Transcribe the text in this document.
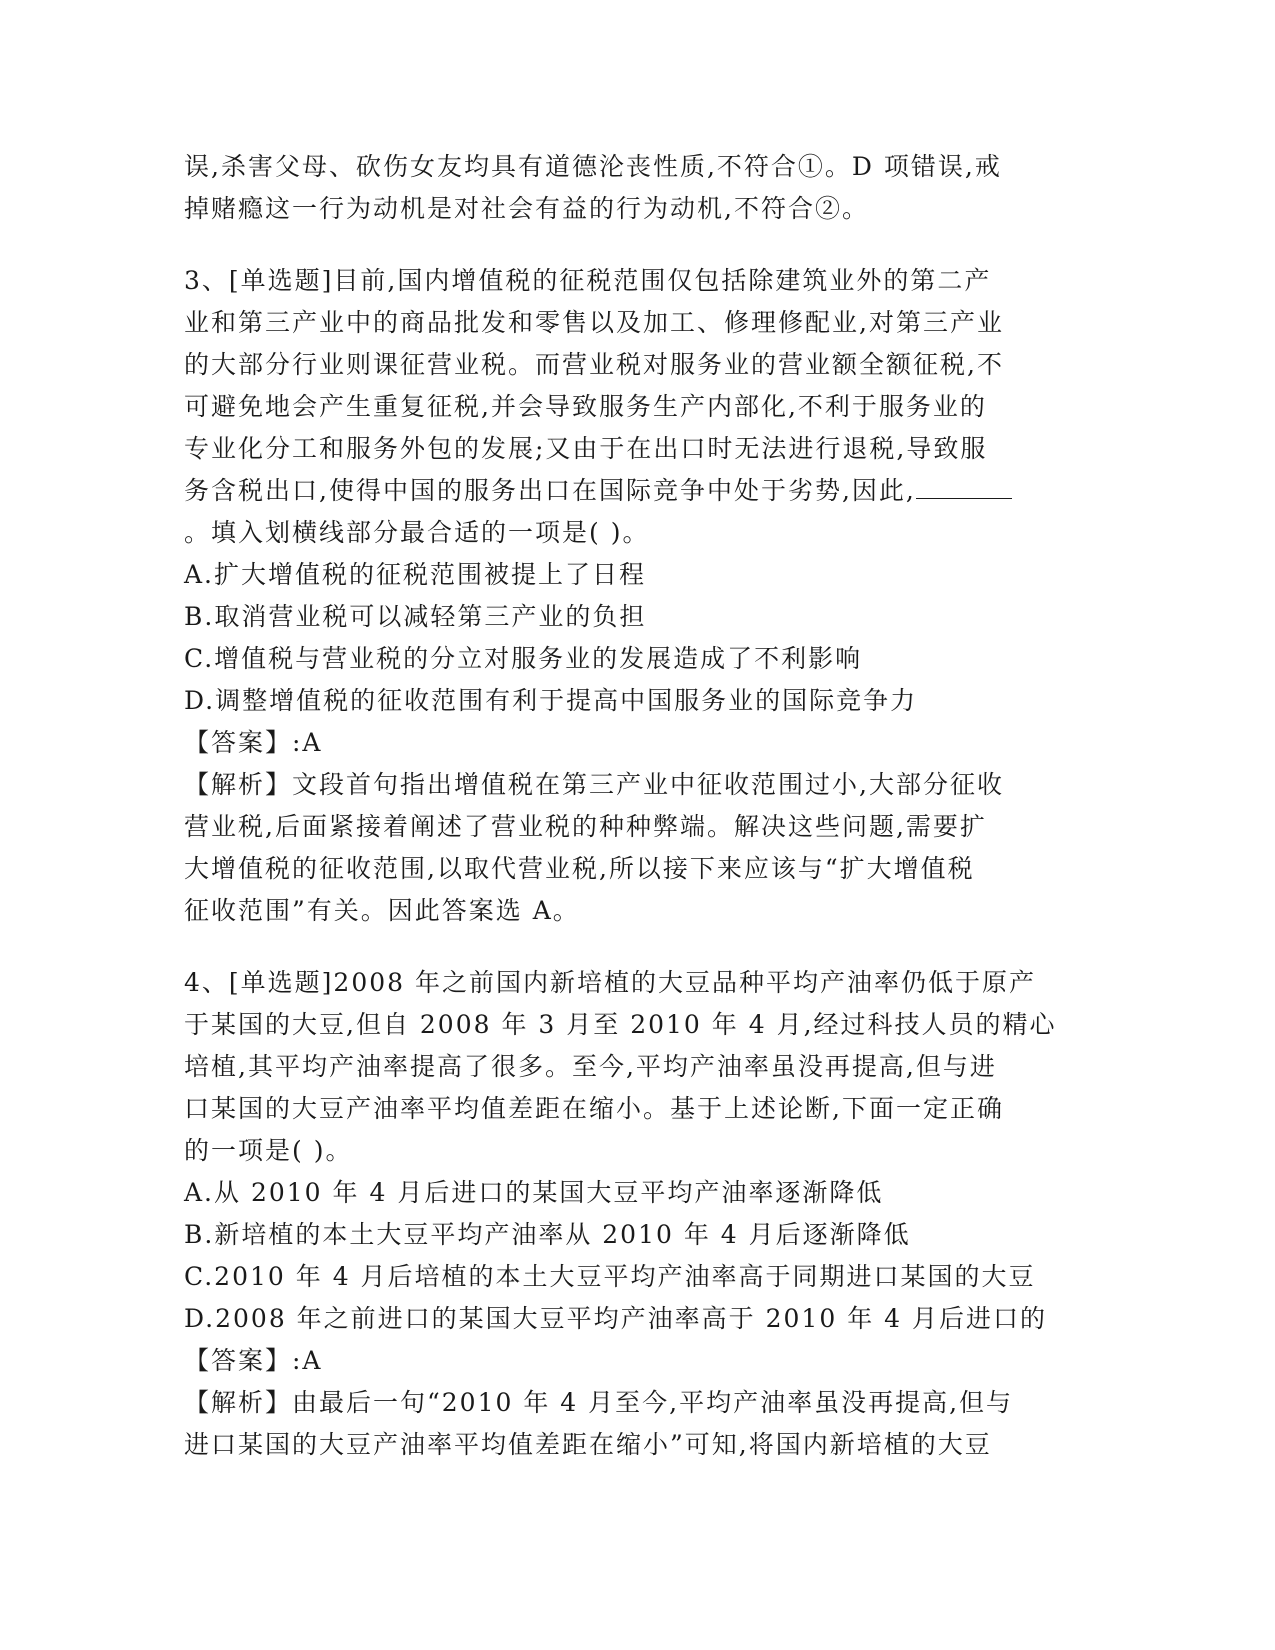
误,杀害父母、砍伤女友均具有道德沦丧性质,不符合①。D 项错误,戒
掉赌瘾这一行为动机是对社会有益的行为动机,不符合②。
3、[单选题]目前,国内增值税的征税范围仅包括除建筑业外的第二产
业和第三产业中的商品批发和零售以及加工、修理修配业,对第三产业
的大部分行业则课征营业税。而营业税对服务业的营业额全额征税,不
可避免地会产生重复征税,并会导致服务生产内部化,不利于服务业的
专业化分工和服务外包的发展;又由于在出口时无法进行退税,导致服
务含税出口,使得中国的服务出口在国际竞争中处于劣势,因此,
。填入划横线部分最合适的一项是( )。
A.扩大增值税的征税范围被提上了日程
B.取消营业税可以减轻第三产业的负担
C.增值税与营业税的分立对服务业的发展造成了不利影响
D.调整增值税的征收范围有利于提高中国服务业的国际竞争力
【答案】:A
【解析】文段首句指出增值税在第三产业中征收范围过小,大部分征收
营业税,后面紧接着阐述了营业税的种种弊端。解决这些问题,需要扩
大增值税的征收范围,以取代营业税,所以接下来应该与“扩大增值税
征收范围”有关。因此答案选 A。
4、[单选题]2008 年之前国内新培植的大豆品种平均产油率仍低于原产
于某国的大豆,但自 2008 年 3 月至 2010 年 4 月,经过科技人员的精心
培植,其平均产油率提高了很多。至今,平均产油率虽没再提高,但与进
口某国的大豆产油率平均值差距在缩小。基于上述论断,下面一定正确
的一项是( )。
A.从 2010 年 4 月后进口的某国大豆平均产油率逐渐降低
B.新培植的本土大豆平均产油率从 2010 年 4 月后逐渐降低
C.2010 年 4 月后培植的本土大豆平均产油率高于同期进口某国的大豆
D.2008 年之前进口的某国大豆平均产油率高于 2010 年 4 月后进口的
【答案】:A
【解析】由最后一句“2010 年 4 月至今,平均产油率虽没再提高,但与
进口某国的大豆产油率平均值差距在缩小”可知,将国内新培植的大豆
